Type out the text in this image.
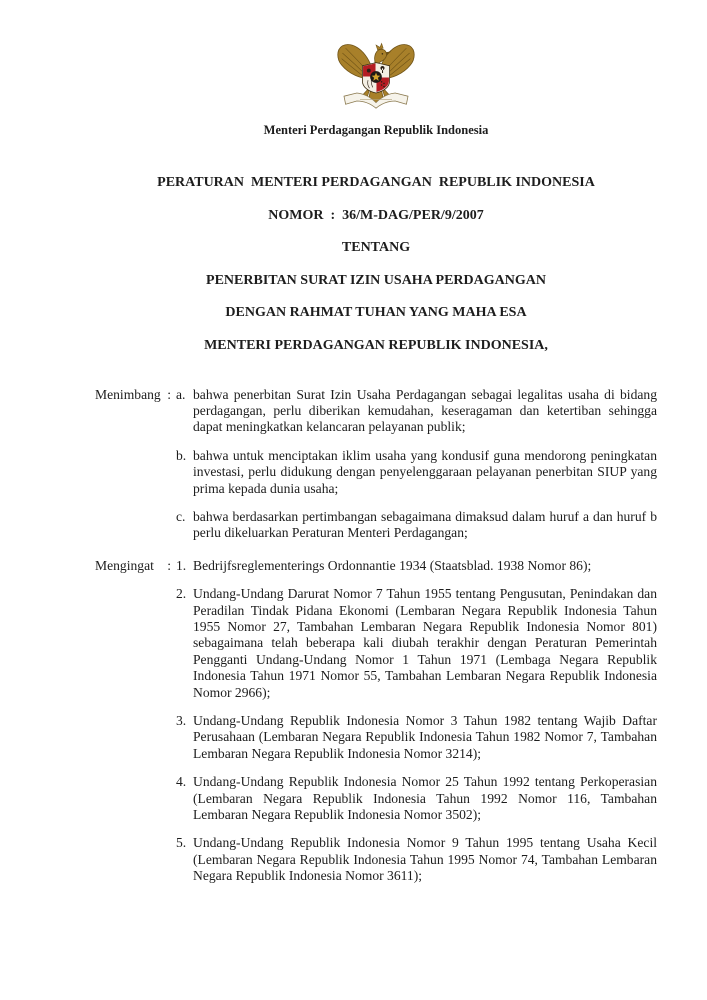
Menteri Perdagangan Republik Indonesia
PERATURAN  MENTERI PERDAGANGAN  REPUBLIK INDONESIA
NOMOR  :  36/M-DAG/PER/9/2007
TENTANG
PENERBITAN SURAT IZIN USAHA PERDAGANGAN
DENGAN RAHMAT TUHAN YANG MAHA ESA
MENTERI PERDAGANGAN REPUBLIK INDONESIA,
Menimbang : a. bahwa penerbitan Surat Izin Usaha Perdagangan sebagai legalitas usaha di bidang perdagangan, perlu diberikan kemudahan, keseragaman dan ketertiban sehingga dapat meningkatkan kelancaran pelayanan publik;
b. bahwa untuk menciptakan iklim usaha yang kondusif guna mendorong peningkatan investasi, perlu didukung dengan penyelenggaraan pelayanan penerbitan SIUP yang prima kepada dunia usaha;
c. bahwa berdasarkan pertimbangan sebagaimana dimaksud dalam huruf a dan huruf b perlu dikeluarkan Peraturan Menteri Perdagangan;
Mengingat : 1. Bedrijfsreglementerings Ordonnantie 1934 (Staatsblad. 1938 Nomor 86);
2. Undang-Undang Darurat Nomor 7 Tahun 1955 tentang Pengusutan, Penindakan dan Peradilan Tindak Pidana Ekonomi (Lembaran Negara Republik Indonesia Tahun 1955 Nomor 27, Tambahan Lembaran Negara Republik Indonesia Nomor 801) sebagaimana telah beberapa kali diubah terakhir dengan Peraturan Pemerintah Pengganti Undang-Undang Nomor 1 Tahun 1971 (Lembaga Negara Republik Indonesia Tahun 1971 Nomor 55, Tambahan Lembaran Negara Republik Indonesia Nomor 2966);
3. Undang-Undang Republik Indonesia Nomor 3 Tahun 1982 tentang Wajib Daftar Perusahaan (Lembaran Negara Republik Indonesia Tahun 1982 Nomor 7, Tambahan Lembaran Negara Republik Indonesia Nomor 3214);
4. Undang-Undang Republik Indonesia Nomor 25 Tahun 1992 tentang Perkoperasian (Lembaran Negara Republik Indonesia Tahun 1992 Nomor 116, Tambahan Lembaran Negara Republik Indonesia Nomor 3502);
5. Undang-Undang Republik Indonesia Nomor 9 Tahun 1995 tentang Usaha Kecil (Lembaran Negara Republik Indonesia Tahun 1995 Nomor 74, Tambahan Lembaran Negara Republik Indonesia Nomor 3611);
